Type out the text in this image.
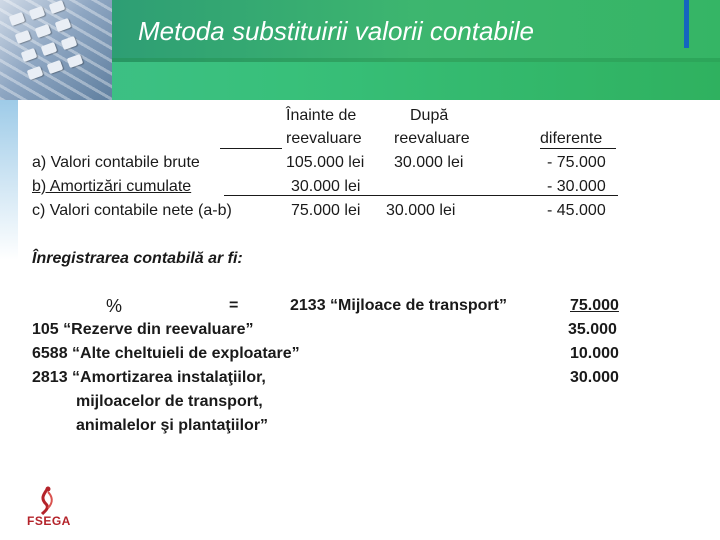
Metoda substituirii valorii contabile
Înainte de	După
reevaluare reevaluare	diferente
a) Valori contabile brute	105.000 lei 30.000 lei	- 75.000
b) Amortizări cumulate	30.000 lei	- 30.000
c) Valori contabile nete (a-b)	75.000 lei 30.000 lei	- 45.000
Înregistrarea contabilă ar fi:
%	=	2133 “Mijloace de transport”	75.000
105 “Rezerve din reevaluare”	35.000
6588 “Alte cheltuieli de exploatare”	10.000
2813 “Amortizarea instalaţiilor,	30.000
mijloacelor de transport,
animalelor şi plantaţiilor”
FSEGA
